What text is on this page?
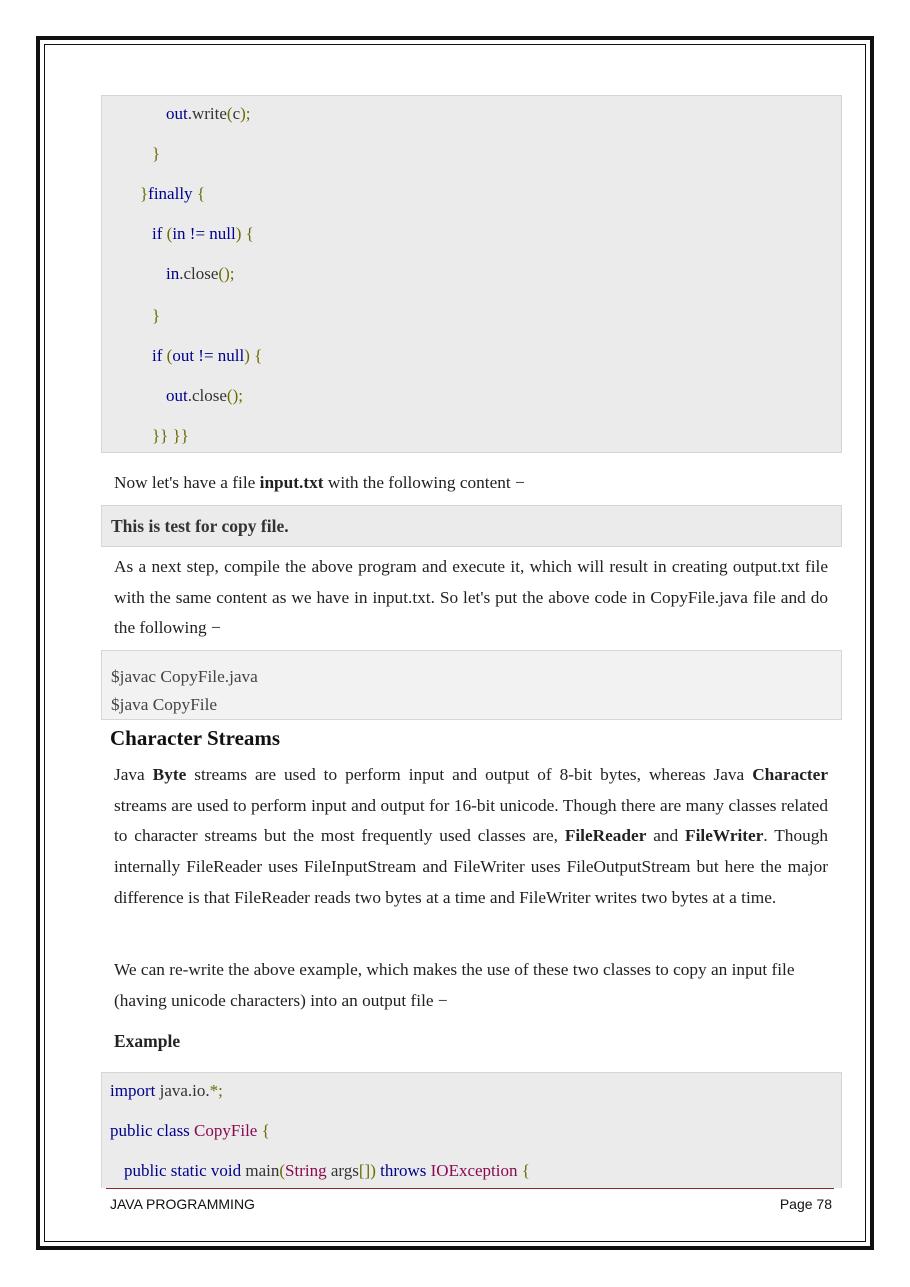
out.write(c);
}
}finally {
if (in != null) {
in.close();
}
if (out != null) {
out.close();
}} }}

Now let's have a file input.txt with the following content −

This is test for copy file.

As a next step, compile the above program and execute it, which will result in creating output.txt file with the same content as we have in input.txt. So let's put the above code in CopyFile.java file and do the following −

$javac CopyFile.java
$java CopyFile
Character Streams

Java Byte streams are used to perform input and output of 8-bit bytes, whereas Java Character streams are used to perform input and output for 16-bit unicode. Though there are many classes related to character streams but the most frequently used classes are, FileReader and FileWriter. Though internally FileReader uses FileInputStream and FileWriter uses FileOutputStream but here the major difference is that FileReader reads two bytes at a time and FileWriter writes two bytes at a time.

We can re-write the above example, which makes the use of these two classes to copy an input file (having unicode characters) into an output file −

Example

import java.io.*;
public class CopyFile {
public static void main(String args[]) throws IOException {
JAVA PROGRAMMING	Page 78
